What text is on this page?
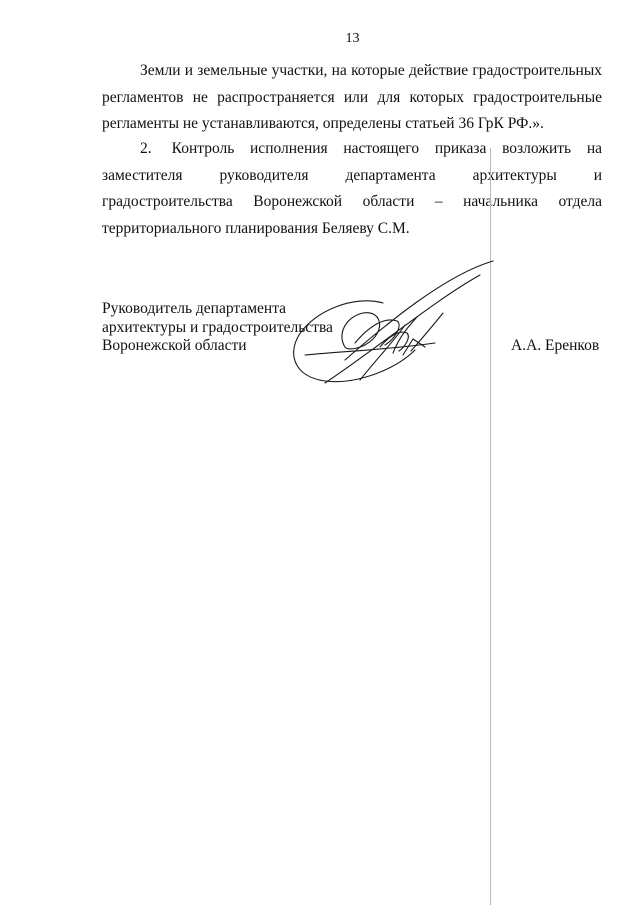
13

Земли и земельные участки, на которые действие градостроительных регламентов не распространяется или для которых градостроительные регламенты не устанавливаются, определены статьей 36 ГрК РФ.».

2. Контроль исполнения настоящего приказа возложить на заместителя руководителя департамента архитектуры и градостроительства Воронежской области – начальника отдела территориального планирования Беляеву С.М.

Руководитель департамента
архитектуры и градостроительства
Воронежской области	А.А. Еренков
